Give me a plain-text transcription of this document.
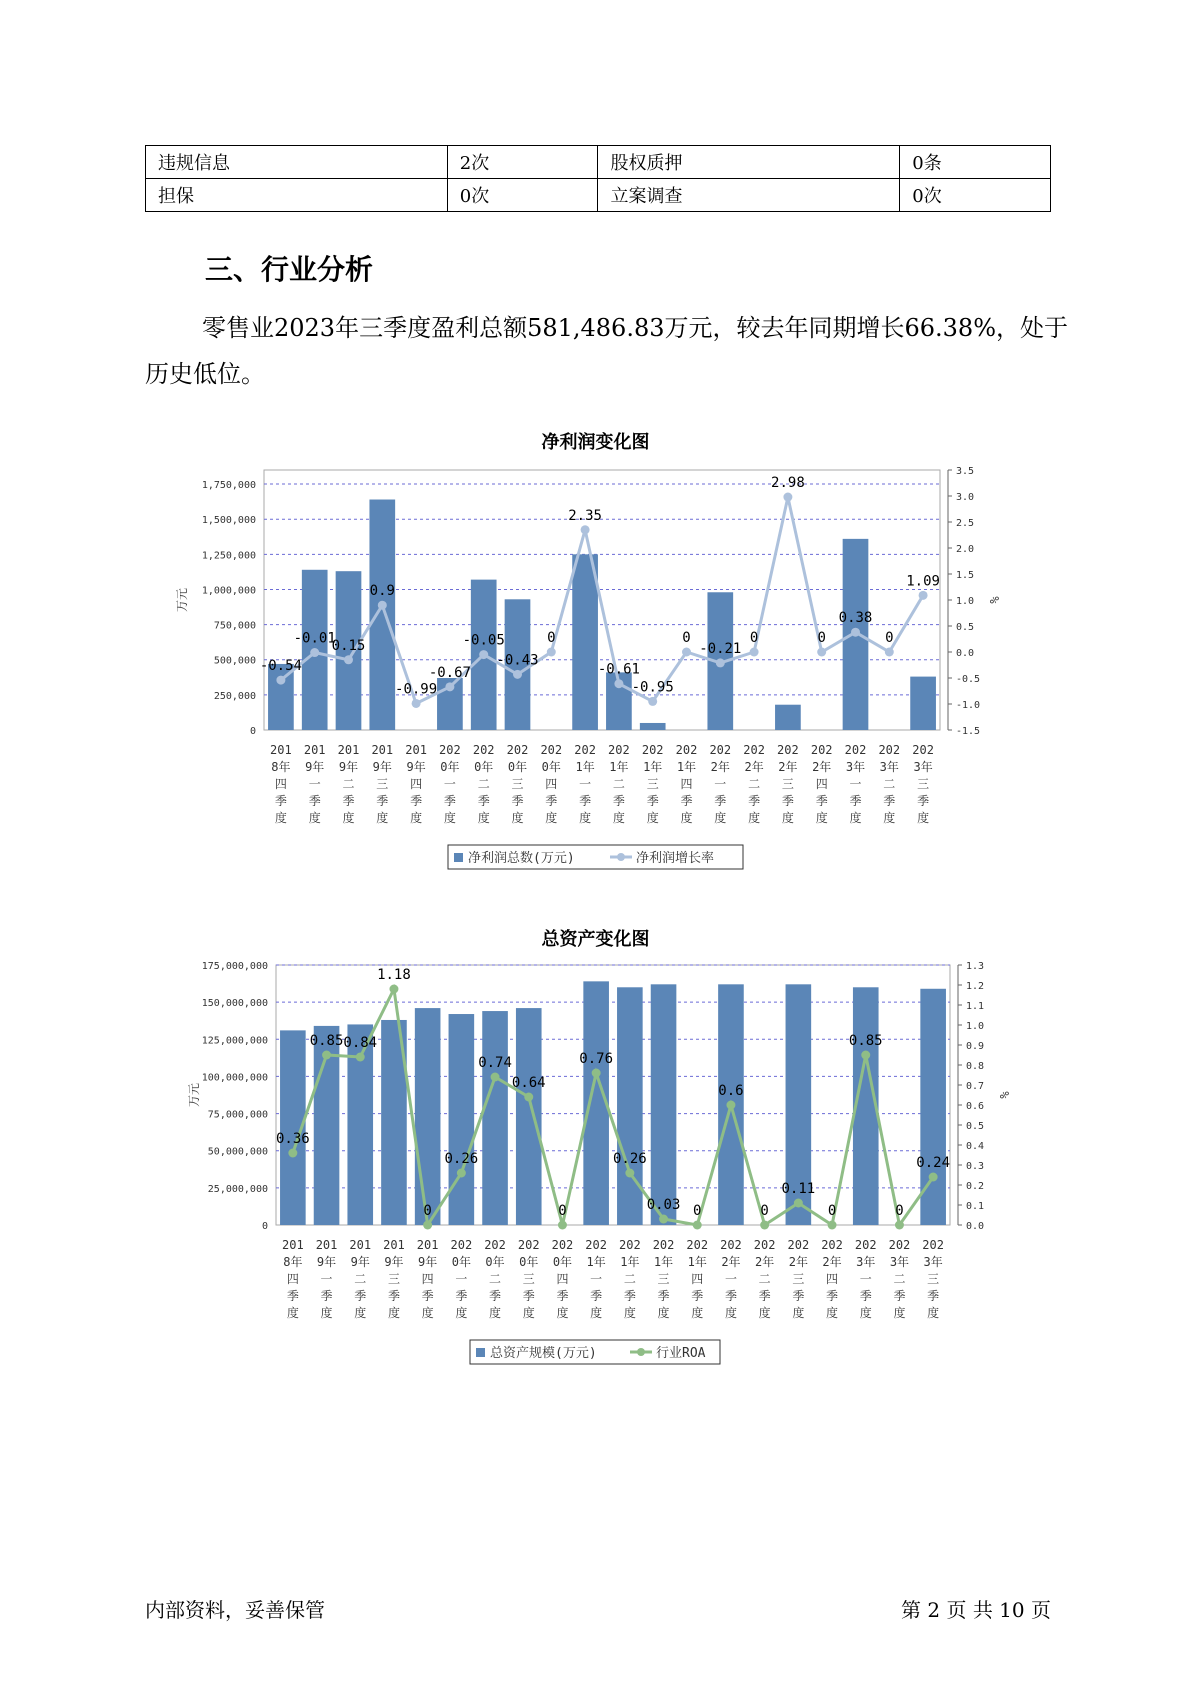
违规信息	2次	股权质押	0条
担保	0次	立案调查	0次
三、行业分析
零售业2023年三季度盈利总额581,486.83万元，较去年同期增长66.38%，处于历史低位。
净利润变化图
0
250,000
500,000
750,000
1,000,000
1,250,000
1,500,000
1,750,000
-1.5
-1.0
-0.5
0.0
0.5
1.0
1.5
2.0
2.5
3.0
3.5
万元	%
-0.54
-0.01
0.15
0.9
-0.99
-0.67
-0.05
-0.43
0
2.35
-0.61
-0.95
0
-0.21
0
2.98
0
0.38
0
1.09
201
8年
四
季
度
201
9年
一
季
度
201
9年
二
季
度
201
9年
三
季
度
201
9年
四
季
度
202
0年
一
季
度
202
0年
二
季
度
202
0年
三
季
度
202
0年
四
季
度
202
1年
一
季
度
202
1年
二
季
度
202
1年
三
季
度
202
1年
四
季
度
202
2年
一
季
度
202
2年
二
季
度
202
2年
三
季
度
202
2年
四
季
度
202
3年
一
季
度
202
3年
二
季
度
202
3年
三
季
度
净利润总数(万元)	净利润增长率
总资产变化图
0
25,000,000
50,000,000
75,000,000
100,000,000
125,000,000
150,000,000
175,000,000
0.0
0.1
0.2
0.3
0.4
0.5
0.6
0.7
0.8
0.9
1.0
1.1
1.2
1.3
万元	%
0.36
0.85 0.84
1.18
0
0.26
0.74
0.64
0
0.76
0.26
0.03 0
0.6
0
0.11
0
0.85
0
0.24
201
8年
四
季
度
201
9年
一
季
度
201
9年
二
季
度
201
9年
三
季
度
201
9年
四
季
度
202
0年
一
季
度
202
0年
二
季
度
202
0年
三
季
度
202
0年
四
季
度
202
1年
一
季
度
202
1年
二
季
度
202
1年
三
季
度
202
1年
四
季
度
202
2年
一
季
度
202
2年
二
季
度
202
2年
三
季
度
202
2年
四
季
度
202
3年
一
季
度
202
3年
二
季
度
202
3年
三
季
度
总资产规模(万元)	行业ROA
内部资料，妥善保管	第 2 页 共 10 页
